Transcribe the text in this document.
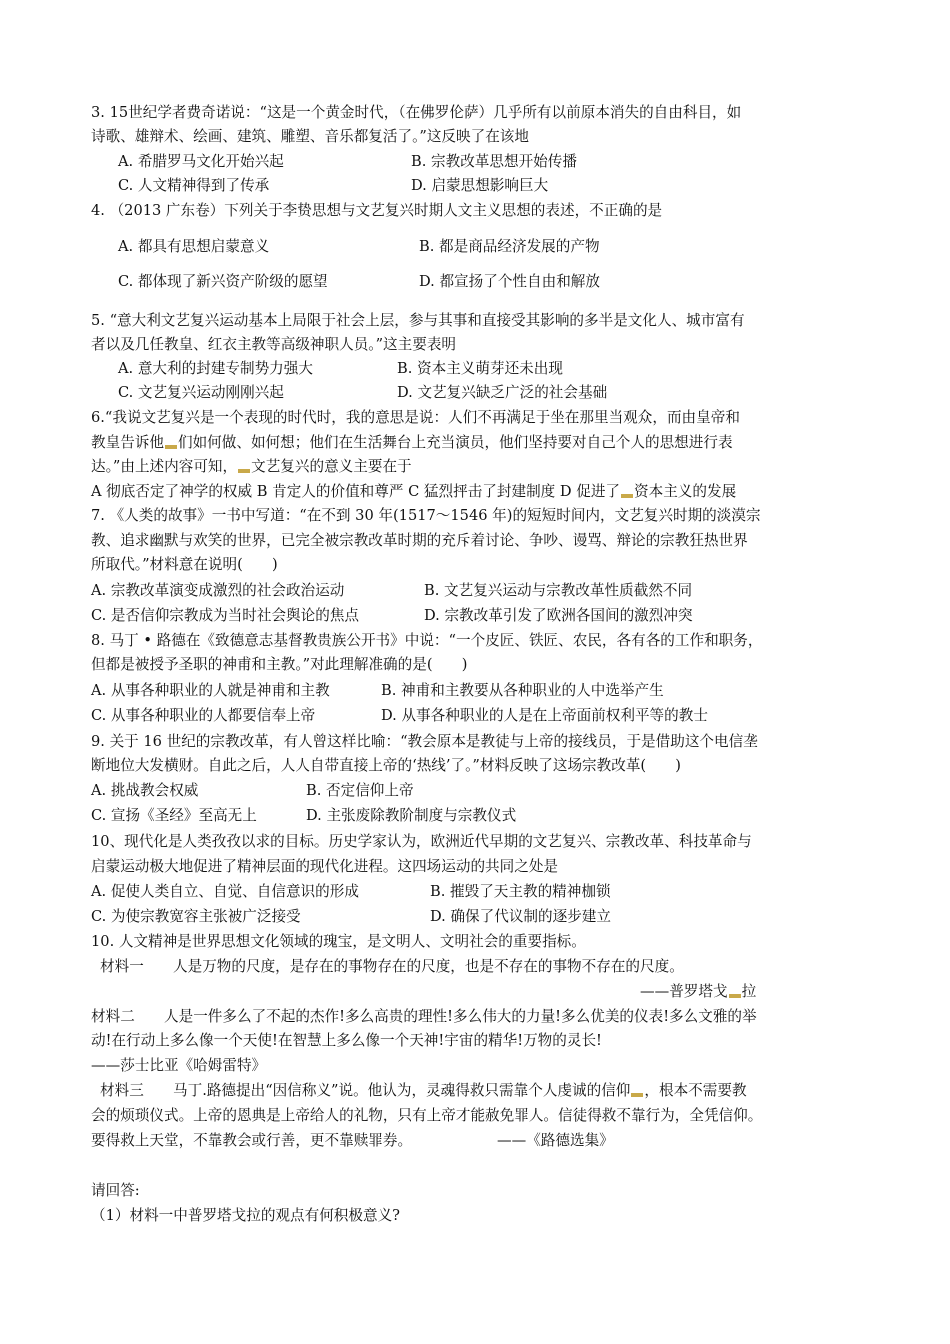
3. 15世纪学者费奇诺说：“这是一个黄金时代，（在佛罗伦萨）几乎所有以前原本消失的自由科目，如
诗歌、雄辩术、绘画、建筑、雕塑、音乐都复活了。”这反映了在该地
A. 希腊罗马文化开始兴起	B. 宗教改革思想开始传播
C. 人文精神得到了传承	D. 启蒙思想影响巨大
4. （2013 广东卷）下列关于李贽思想与文艺复兴时期人文主义思想的表述，不正确的是
A. 都具有思想启蒙意义	B. 都是商品经济发展的产物
C. 都体现了新兴资产阶级的愿望	D. 都宣扬了个性自由和解放
5. “意大利文艺复兴运动基本上局限于社会上层，参与其事和直接受其影响的多半是文化人、城市富有
者以及几任教皇、红衣主教等高级神职人员。”这主要表明
A. 意大利的封建专制势力强大	B. 资本主义萌芽还未出现
C. 文艺复兴运动刚刚兴起	D. 文艺复兴缺乏广泛的社会基础
6.“我说文艺复兴是一个表现的时代时，我的意思是说：人们不再满足于坐在那里当观众，而由皇帝和
教皇告诉他 们如何做、如何想；他们在生活舞台上充当演员，他们坚持要对自己个人的思想进行表
达。”由上述内容可知， 文艺复兴的意义主要在于
A 彻底否定了神学的权威 B 肯定人的价值和尊严 C 猛烈抨击了封建制度 D 促进了 资本主义的发展
7. 《人类的故事》一书中写道：“在不到 30 年(1517～1546 年)的短短时间内，文艺复兴时期的淡漠宗
教、追求幽默与欢笑的世界，已完全被宗教改革时期的充斥着讨论、争吵、谩骂、辩论的宗教狂热世界
所取代。”材料意在说明(　　)
A. 宗教改革演变成激烈的社会政治运动	B. 文艺复兴运动与宗教改革性质截然不同
C. 是否信仰宗教成为当时社会舆论的焦点	D. 宗教改革引发了欧洲各国间的激烈冲突
8. 马丁 • 路德在《致德意志基督教贵族公开书》中说：“一个皮匠、铁匠、农民，各有各的工作和职务，
但都是被授予圣职的神甫和主教。”对此理解准确的是(　　)
A. 从事各种职业的人就是神甫和主教	B. 神甫和主教要从各种职业的人中选举产生
C. 从事各种职业的人都要信奉上帝	D. 从事各种职业的人是在上帝面前权利平等的教士
9. 关于 16 世纪的宗教改革，有人曾这样比喻：“教会原本是教徒与上帝的接线员，于是借助这个电信垄
断地位大发横财。自此之后，人人自带直接上帝的‘热线’了。”材料反映了这场宗教改革(　　)
A. 挑战教会权威	B. 否定信仰上帝
C. 宣扬《圣经》至高无上	D. 主张废除教阶制度与宗教仪式
10、现代化是人类孜孜以求的目标。历史学家认为，欧洲近代早期的文艺复兴、宗教改革、科技革命与
启蒙运动极大地促进了精神层面的现代化进程。这四场运动的共同之处是
A. 促使人类自立、自觉、自信意识的形成	B. 摧毁了天主教的精神枷锁
C. 为使宗教宽容主张被广泛接受	D. 确保了代议制的逐步建立
10. 人文精神是世界思想文化领域的瑰宝，是文明人、文明社会的重要指标。
材料一 人是万物的尺度，是存在的事物存在的尺度，也是不存在的事物不存在的尺度。
——普罗塔戈 拉
材料二 人是一件多么了不起的杰作!多么高贵的理性!多么伟大的力量!多么优美的仪表!多么文雅的举
动!在行动上多么像一个天使!在智慧上多么像一个天神!宇宙的精华!万物的灵长!
——莎士比亚《哈姆雷特》
材料三 马丁.路德提出“因信称义”说。他认为，灵魂得救只需靠个人虔诚的信仰 ，根本不需要教
会的烦琐仪式。上帝的恩典是上帝给人的礼物，只有上帝才能赦免罪人。信徒得救不靠行为，全凭信仰。
要得救上天堂，不靠教会或行善，更不靠赎罪券。	——《路德选集》
请回答:
（1）材料一中普罗塔戈拉的观点有何积极意义?
